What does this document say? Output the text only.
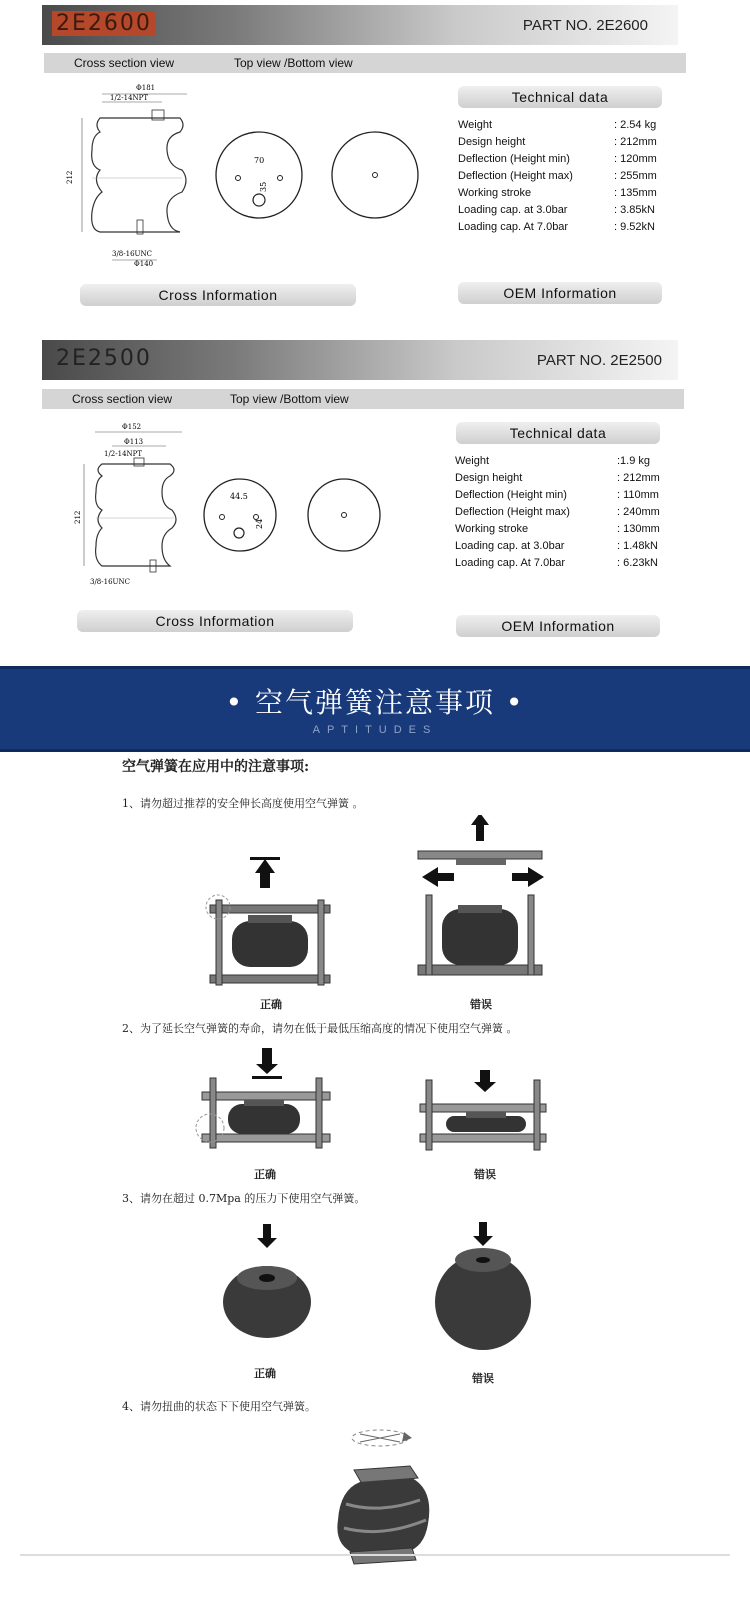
2E2600	PART NO. 2E2600
Cross section view	Top view /Bottom view
Φ181
1/2-14NPT
212
3/8-16UNC
Φ140
70
35
Technical data
Weight	: 2.54 kg
Design height	: 212mm
Deflection (Height min)	: 120mm
Deflection (Height max)	: 255mm
Working stroke	: 135mm
Loading cap. at 3.0bar	: 3.85kN
Loading cap. At 7.0bar	: 9.52kN
Cross Information	OEM Information
2E2500	PART NO. 2E2500
Cross section view	Top view /Bottom view
Φ152
Φ113
1/2-14NPT
212
3/8-16UNC
44.5
24
Technical data
Weight	:1.9 kg
Design height	: 212mm
Deflection (Height min)	: 110mm
Deflection (Height max)	: 240mm
Working stroke	: 130mm
Loading cap. at 3.0bar	: 1.48kN
Loading cap. At 7.0bar	: 6.23kN
Cross Information	OEM Information
• 空气弹簧注意事项 •
APTITUDES
空气弹簧在应用中的注意事项:
1、请勿超过推荐的安全伸长高度使用空气弹簧 。
正确	错误
2、为了延长空气弹簧的寿命，请勿在低于最低压缩高度的情况下使用空气弹簧 。
正确	错误
3、请勿在超过 0.7Mpa 的压力下使用空气弹簧。
正确	错误
4、请勿扭曲的状态下下使用空气弹簧。
